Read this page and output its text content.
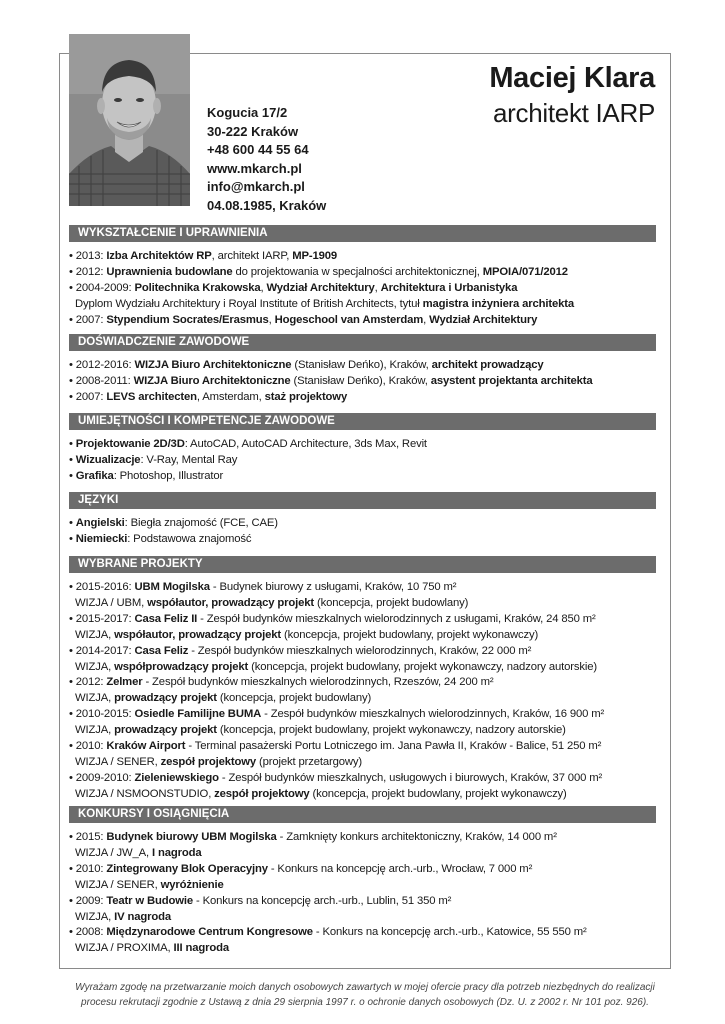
Kogucia 17/2
30-222 Kraków
+48 600 44 55 64
www.mkarch.pl
info@mkarch.pl
04.08.1985, Kraków
Maciej Klara
architekt IARP
WYKSZTAŁCENIE I UPRAWNIENIA
• 2013: Izba Architektów RP, architekt IARP, MP-1909
• 2012: Uprawnienia budowlane do projektowania w specjalności architektonicznej, MPOIA/071/2012
• 2004-2009: Politechnika Krakowska, Wydział Architektury, Architektura i Urbanistyka
Dyplom Wydziału Architektury i Royal Institute of British Architects, tytuł magistra inżyniera architekta
• 2007: Stypendium Socrates/Erasmus, Hogeschool van Amsterdam, Wydział Architektury
DOŚWIADCZENIE ZAWODOWE
• 2012-2016: WIZJA Biuro Architektoniczne (Stanisław Deńko), Kraków, architekt prowadzący
• 2008-2011: WIZJA Biuro Architektoniczne (Stanisław Deńko), Kraków, asystent projektanta architekta
• 2007: LEVS architecten, Amsterdam, staż projektowy
UMIEJĘTNOŚCI I KOMPETENCJE ZAWODOWE
• Projektowanie 2D/3D: AutoCAD, AutoCAD Architecture, 3ds Max, Revit
• Wizualizacje: V-Ray, Mental Ray
• Grafika: Photoshop, Illustrator
JĘZYKI
• Angielski: Biegła znajomość (FCE, CAE)
• Niemiecki: Podstawowa znajomość
WYBRANE PROJEKTY
• 2015-2016: UBM Mogilska - Budynek biurowy z usługami, Kraków, 10 750 m²
WIZJA / UBM, współautor, prowadzący projekt (koncepcja, projekt budowlany)
• 2015-2017: Casa Feliz II - Zespół budynków mieszkalnych wielorodzinnych z usługami, Kraków, 24 850 m²
WIZJA, współautor, prowadzący projekt (koncepcja, projekt budowlany, projekt wykonawczy)
• 2014-2017: Casa Feliz - Zespół budynków mieszkalnych wielorodzinnych, Kraków, 22 000 m²
WIZJA, współprowadzący projekt (koncepcja, projekt budowlany, projekt wykonawczy, nadzory autorskie)
• 2012: Zelmer - Zespół budynków mieszkalnych wielorodzinnych, Rzeszów, 24 200 m²
WIZJA, prowadzący projekt (koncepcja, projekt budowlany)
• 2010-2015: Osiedle Familijne BUMA - Zespół budynków mieszkalnych wielorodzinnych, Kraków, 16 900 m²
WIZJA, prowadzący projekt (koncepcja, projekt budowlany, projekt wykonawczy, nadzory autorskie)
• 2010: Kraków Airport - Terminal pasażerski Portu Lotniczego im. Jana Pawła II, Kraków - Balice, 51 250 m²
WIZJA / SENER, zespół projektowy (projekt przetargowy)
• 2009-2010: Zieleniewskiego - Zespół budynków mieszkalnych, usługowych i biurowych, Kraków, 37 000 m²
WIZJA / NSMOONSTUDIO, zespół projektowy (koncepcja, projekt budowlany, projekt wykonawczy)
KONKURSY I OSIĄGNIĘCIA
• 2015: Budynek biurowy UBM Mogilska - Zamknięty konkurs architektoniczny, Kraków, 14 000 m²
WIZJA / JW_A, I nagroda
• 2010: Zintegrowany Blok Operacyjny - Konkurs na koncepcję arch.-urb., Wrocław, 7 000 m²
WIZJA / SENER, wyróżnienie
• 2009: Teatr w Budowie - Konkurs na koncepcję arch.-urb., Lublin, 51 350 m²
WIZJA, IV nagroda
• 2008: Międzynarodowe Centrum Kongresowe - Konkurs na koncepcję arch.-urb., Katowice, 55 550 m²
WIZJA / PROXIMA, III nagroda
Wyrażam zgodę na przetwarzanie moich danych osobowych zawartych w mojej ofercie pracy dla potrzeb niezbędnych do realizacji
procesu rekrutacji zgodnie z Ustawą z dnia 29 sierpnia 1997 r. o ochronie danych osobowych (Dz. U. z 2002 r. Nr 101 poz. 926).
